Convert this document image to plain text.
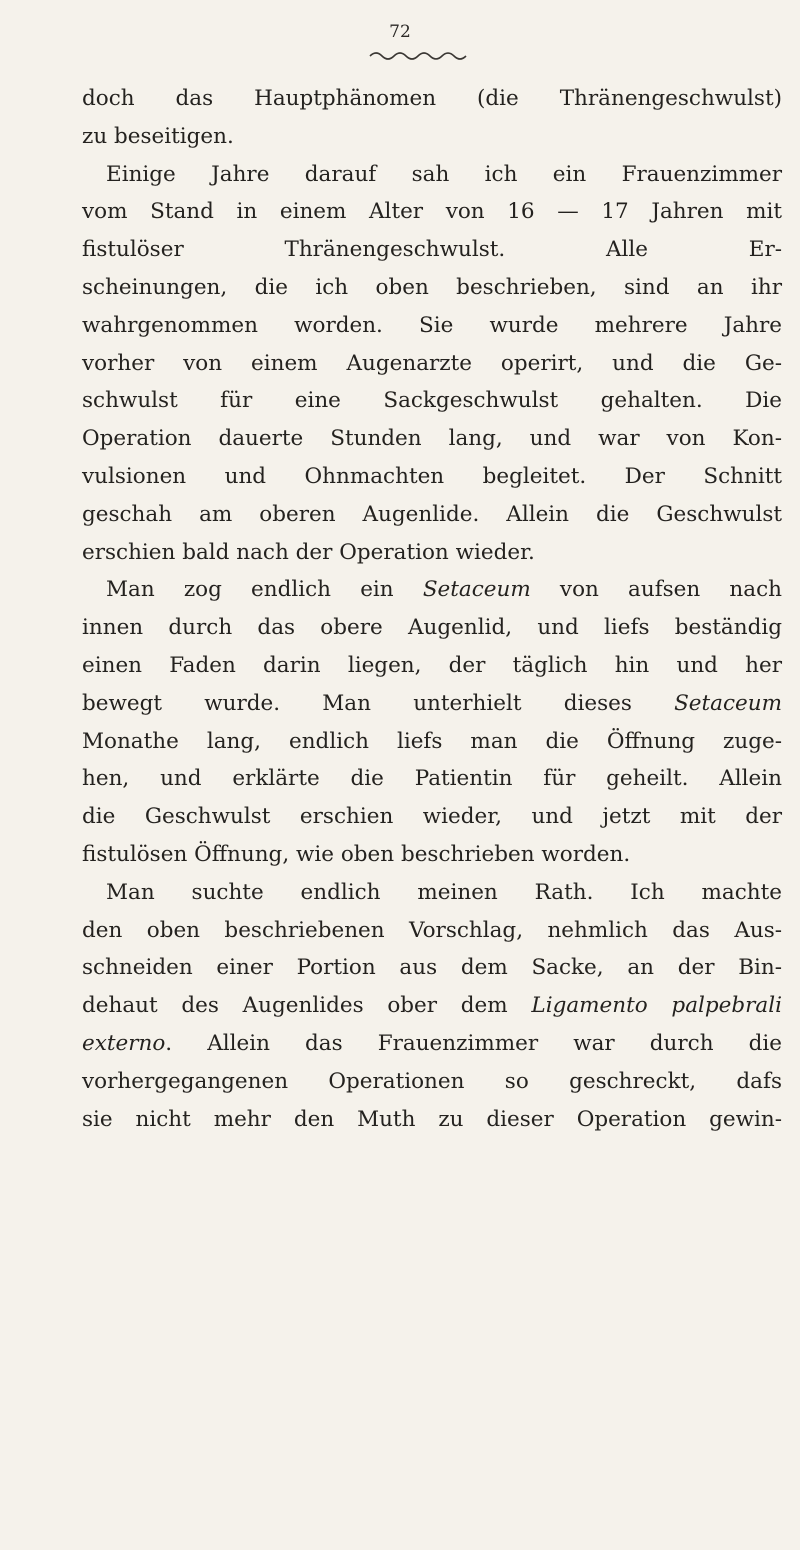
72
doch das Hauptphänomen (die Thränengeschwulst)
zu beseitigen.
Einige Jahre darauf sah ich ein Frauenzimmer
vom Stand in einem Alter von 16 — 17 Jahren mit
fistulöser Thränengeschwulst. Alle Er-
scheinungen, die ich oben beschrieben, sind an ihr
wahrgenommen worden. Sie wurde mehrere Jahre
vorher von einem Augenarzte operirt, und die Ge-
schwulst für eine Sackgeschwulst gehalten. Die
Operation dauerte Stunden lang, und war von Kon-
vulsionen und Ohnmachten begleitet. Der Schnitt
geschah am oberen Augenlide. Allein die Geschwulst
erschien bald nach der Operation wieder.
Man zog endlich ein Setaceum von aufsen nach
innen durch das obere Augenlid, und liefs beständig
einen Faden darin liegen, der täglich hin und her
bewegt wurde. Man unterhielt dieses Setaceum
Monathe lang, endlich liefs man die Öffnung zuge-
hen, und erklärte die Patientin für geheilt. Allein
die Geschwulst erschien wieder, und jetzt mit der
fistulösen Öffnung, wie oben beschrieben worden.
Man suchte endlich meinen Rath. Ich machte
den oben beschriebenen Vorschlag, nehmlich das Aus-
schneiden einer Portion aus dem Sacke, an der Bin-
dehaut des Augenlides ober dem Ligamento palpebrali
externo. Allein das Frauenzimmer war durch die
vorhergegangenen Operationen so geschreckt, dafs
sie nicht mehr den Muth zu dieser Operation gewin-
